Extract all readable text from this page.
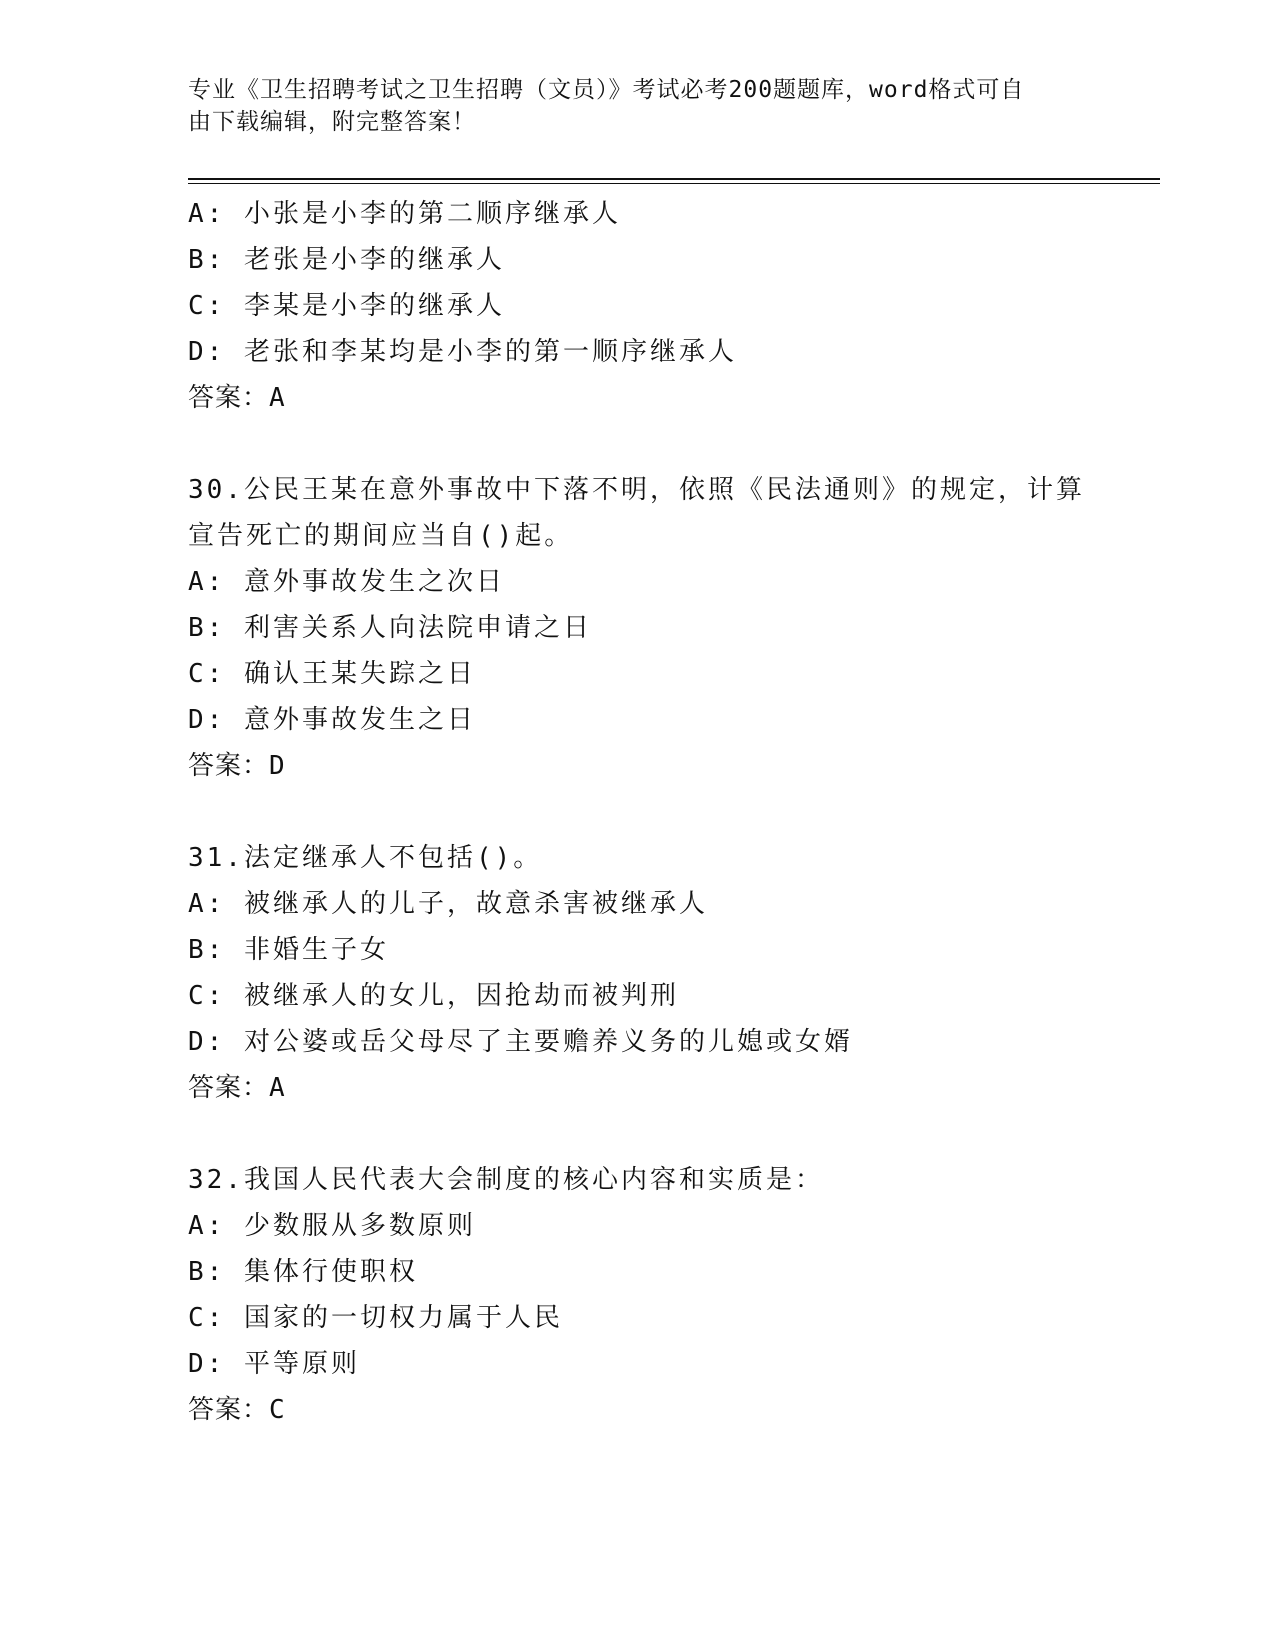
专业《卫生招聘考试之卫生招聘（文员）》考试必考200题题库，word格式可自
由下载编辑，附完整答案！
A: 小张是小李的第二顺序继承人
B: 老张是小李的继承人
C: 李某是小李的继承人
D: 老张和李某均是小李的第一顺序继承人
答案：A
30.公民王某在意外事故中下落不明，依照《民法通则》的规定，计算
宣告死亡的期间应当自()起。
A: 意外事故发生之次日
B: 利害关系人向法院申请之日
C: 确认王某失踪之日
D: 意外事故发生之日
答案：D
31.法定继承人不包括()。
A: 被继承人的儿子，故意杀害被继承人
B: 非婚生子女
C: 被继承人的女儿，因抢劫而被判刑
D: 对公婆或岳父母尽了主要赡养义务的儿媳或女婿
答案：A
32.我国人民代表大会制度的核心内容和实质是：
A: 少数服从多数原则
B: 集体行使职权
C: 国家的一切权力属于人民
D: 平等原则
答案：C
